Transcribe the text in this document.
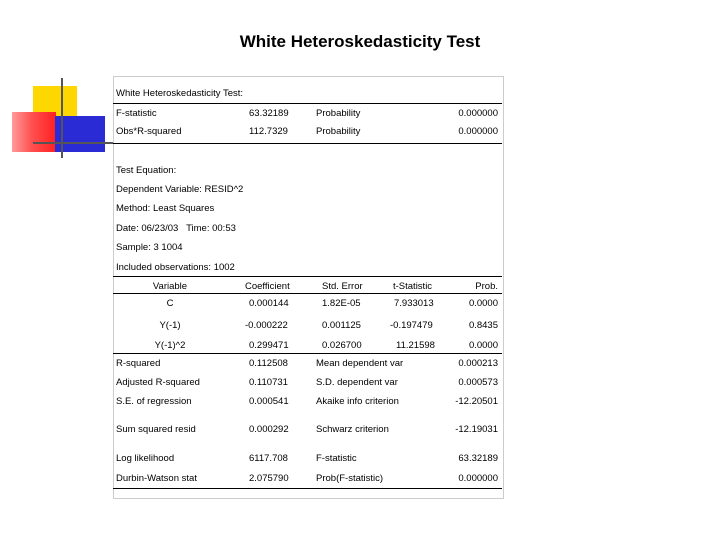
White Heteroskedasticity Test
White Heteroskedasticity Test:
F-statistic	63.32189	Probability	0.000000
Obs*R-squared	112.7329	Probability	0.000000
Test Equation:
Dependent Variable: RESID^2
Method: Least Squares
Date: 06/23/03   Time: 00:53
Sample: 3 1004
Included observations: 1002
Variable	Coefficient	Std. Error	t-Statistic	Prob.
C	0.000144	1.82E-05	7.933013	0.0000
Y(-1)	-0.000222	0.001125	-0.197479	0.8435
Y(-1)^2	0.299471	0.026700	11.21598	0.0000
R-squared	0.112508	Mean dependent var	0.000213
Adjusted R-squared	0.110731	S.D. dependent var	0.000573
S.E. of regression	0.000541	Akaike info criterion	-12.20501
Sum squared resid	0.000292	Schwarz criterion	-12.19031
Log likelihood	6117.708	F-statistic	63.32189
Durbin-Watson stat	2.075790	Prob(F-statistic)	0.000000
